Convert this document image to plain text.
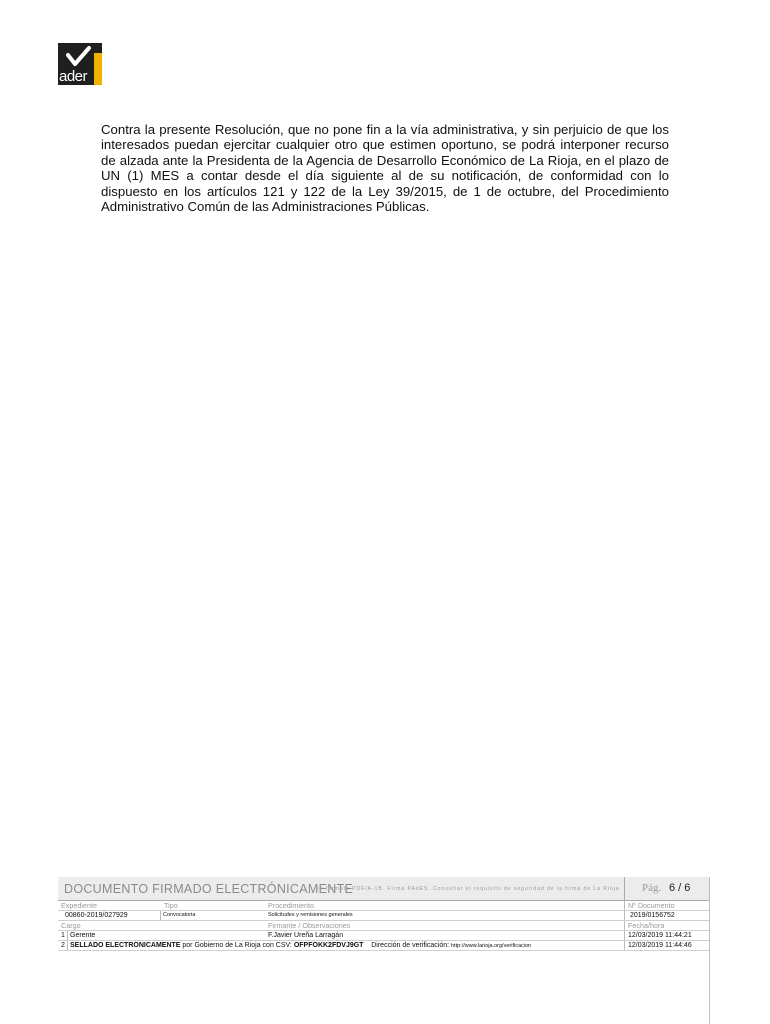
ader

Contra la presente Resolución, que no pone fin a la vía administrativa, y sin perjuicio de que los interesados puedan ejercitar cualquier otro que estimen oportuno, se podrá interponer recurso de alzada ante la Presidenta de la Agencia de Desarrollo Económico de La Rioja, en el plazo de UN (1) MES a contar desde el día siguiente al de su notificación, de conformidad con lo dispuesto en los artículos 121 y 122 de la Ley 39/2015, de 1 de octubre, del Procedimiento Administrativo Común de las Administraciones Públicas.

DOCUMENTO FIRMADO ELECTRÓNICAMENTE
en formato PDF/A-1B. Firma PAdES. Consultar el requisito de seguridad de la firma de La Rioja Pág. 6 / 6
Expediente	Tipo	Procedimiento	Nº Documento
00860-2019/027929	Convocatoria	Solicitudes y remisiones generales	2019/0156752
Cargo	Firmante / Observaciones	Fecha/hora
1 Gerente	F.Javier Ureña Larragán	12/03/2019 11:44:21
2 SELLADO ELECTRÓNICAMENTE por Gobierno de La Rioja con CSV: OFPFOKK2FDVJ9GT Dirección de verificación: http://www.larioja.org/verificacion	12/03/2019 11:44:46
